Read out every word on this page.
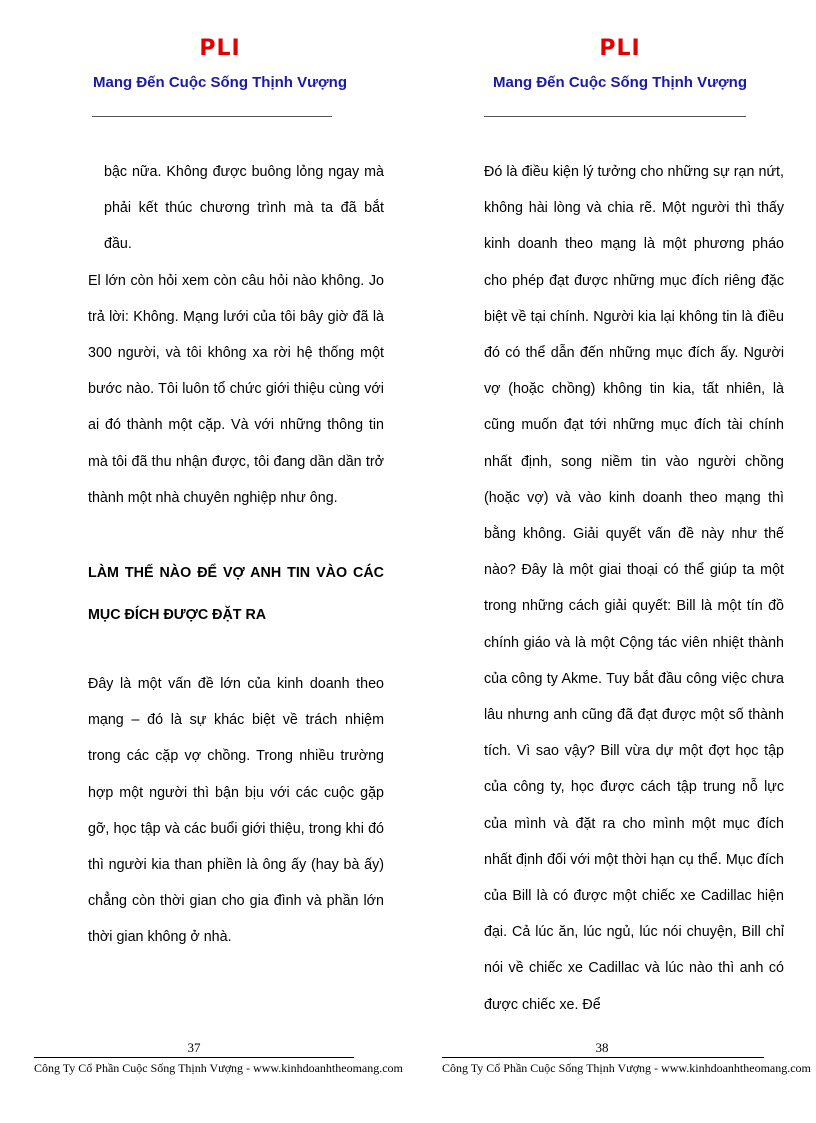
PLI
Mang Đến Cuộc Sống Thịnh Vượng

bậc nữa. Không được buông lỏng ngay mà phải kết thúc chương trình mà ta đã bắt đầu.

El lớn còn hỏi xem còn câu hỏi nào không. Jo trả lời: Không. Mạng lưới của tôi bây giờ đã là 300 người, và tôi không xa rời hệ thống một bước nào. Tôi luôn tổ chức giới thiệu cùng với ai đó thành một cặp. Và với những thông tin mà tôi đã thu nhận được, tôi đang dần dần trở thành một nhà chuyên nghiệp như ông.

LÀM THẾ NÀO ĐỂ VỢ ANH TIN VÀO CÁC MỤC ĐÍCH ĐƯỢC ĐẶT RA

Đây là một vấn đề lớn của kinh doanh theo mạng – đó là sự khác biệt về trách nhiệm trong các cặp vợ chồng. Trong nhiều trường hợp một người thì bận bịu với các cuộc gặp gỡ, học tập và các buổi giới thiệu, trong khi đó thì người kia than phiền là ông ấy (hay bà ấy) chẳng còn thời gian cho gia đình và phần lớn thời gian không ở nhà.

37
Công Ty Cổ Phần Cuộc Sống Thịnh Vượng - www.kinhdoanhtheomang.com
PLI
Mang Đến Cuộc Sống Thịnh Vượng

Đó là điều kiện lý tưởng cho những sự rạn nứt, không hài lòng và chia rẽ. Một người thì thấy kinh doanh theo mạng là một phương pháo cho phép đạt được những mục đích riêng đặc biệt về tại chính. Người kia lại không tin là điều đó có thể dẫn đến những mục đích ấy. Người vợ (hoặc chồng) không tin kia, tất nhiên, là cũng muốn đạt tới những mục đích tài chính nhất định, song niềm tin vào người chồng (hoặc vợ) và vào kinh doanh theo mạng thì bằng không. Giải quyết vấn đề này như thế nào? Đây là một giai thoại có thể giúp ta một trong những cách giải quyết: Bill là một tín đồ chính giáo và là một Cộng tác viên nhiệt thành của công ty Akme. Tuy bắt đầu công việc chưa lâu nhưng anh cũng đã đạt được một số thành tích. Vì sao vậy? Bill vừa dự một đợt học tập của công ty, học được cách tập trung nỗ lực của mình và đặt ra cho mình một mục đích nhất định đối với một thời hạn cụ thể. Mục đích của Bill là có được một chiếc xe Cadillac hiện đại. Cả lúc ăn, lúc ngủ, lúc nói chuyện, Bill chỉ nói về chiếc xe Cadillac và lúc nào thì anh có được chiếc xe. Để

38
Công Ty Cổ Phần Cuộc Sống Thịnh Vượng - www.kinhdoanhtheomang.com
